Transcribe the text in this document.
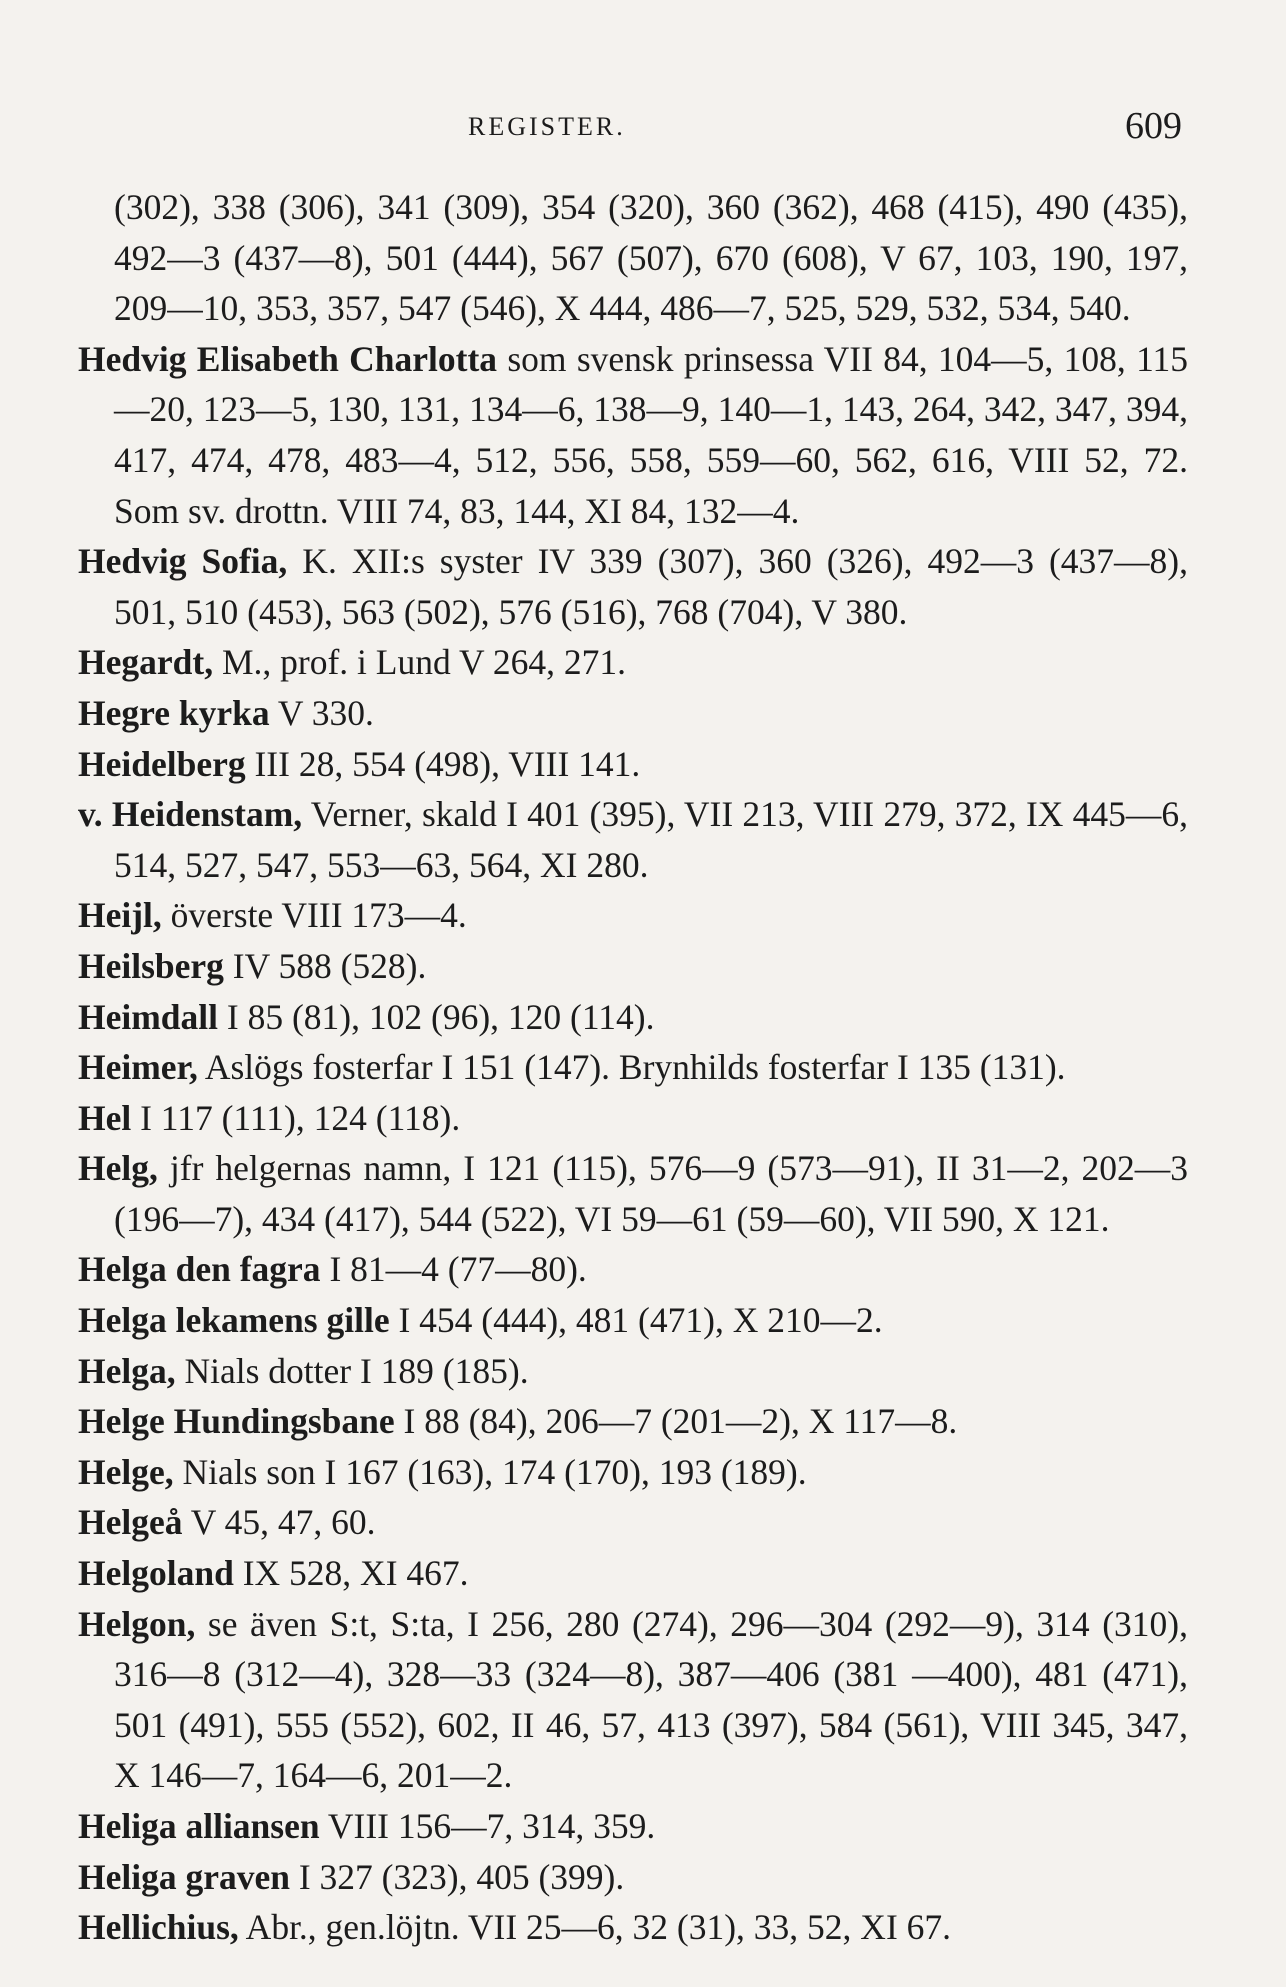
REGISTER.	609
(302), 338 (306), 341 (309), 354 (320), 360 (362), 468 (415), 490 (435), 492—3 (437—8), 501 (444), 567 (507), 670 (608), V 67, 103, 190, 197, 209—10, 353, 357, 547 (546), X 444, 486—7, 525, 529, 532, 534, 540.
Hedvig Elisabeth Charlotta som svensk prinsessa VII 84, 104—5, 108, 115—20, 123—5, 130, 131, 134—6, 138—9, 140—1, 143, 264, 342, 347, 394, 417, 474, 478, 483—4, 512, 556, 558, 559—60, 562, 616, VIII 52, 72. Som sv. drottn. VIII 74, 83, 144, XI 84, 132—4.
Hedvig Sofia, K. XII:s syster IV 339 (307), 360 (326), 492—3 (437—8), 501, 510 (453), 563 (502), 576 (516), 768 (704), V 380.
Hegardt, M., prof. i Lund V 264, 271.
Hegre kyrka V 330.
Heidelberg III 28, 554 (498), VIII 141.
v. Heidenstam, Verner, skald I 401 (395), VII 213, VIII 279, 372, IX 445—6, 514, 527, 547, 553—63, 564, XI 280.
Heijl, överste VIII 173—4.
Heilsberg IV 588 (528).
Heimdall I 85 (81), 102 (96), 120 (114).
Heimer, Aslögs fosterfar I 151 (147). Brynhilds fosterfar I 135 (131).
Hel I 117 (111), 124 (118).
Helg, jfr helgernas namn, I 121 (115), 576—9 (573—91), II 31—2, 202—3 (196—7), 434 (417), 544 (522), VI 59—61 (59—60), VII 590, X 121.
Helga den fagra I 81—4 (77—80).
Helga lekamens gille I 454 (444), 481 (471), X 210—2.
Helga, Nials dotter I 189 (185).
Helge Hundingsbane I 88 (84), 206—7 (201—2), X 117—8.
Helge, Nials son I 167 (163), 174 (170), 193 (189).
Helgeå V 45, 47, 60.
Helgoland IX 528, XI 467.
Helgon, se även S:t, S:ta, I 256, 280 (274), 296—304 (292—9), 314 (310), 316—8 (312—4), 328—33 (324—8), 387—406 (381 —400), 481 (471), 501 (491), 555 (552), 602, II 46, 57, 413 (397), 584 (561), VIII 345, 347, X 146—7, 164—6, 201—2.
Heliga alliansen VIII 156—7, 314, 359.
Heliga graven I 327 (323), 405 (399).
Hellichius, Abr., gen.löjtn. VII 25—6, 32 (31), 33, 52, XI 67.
